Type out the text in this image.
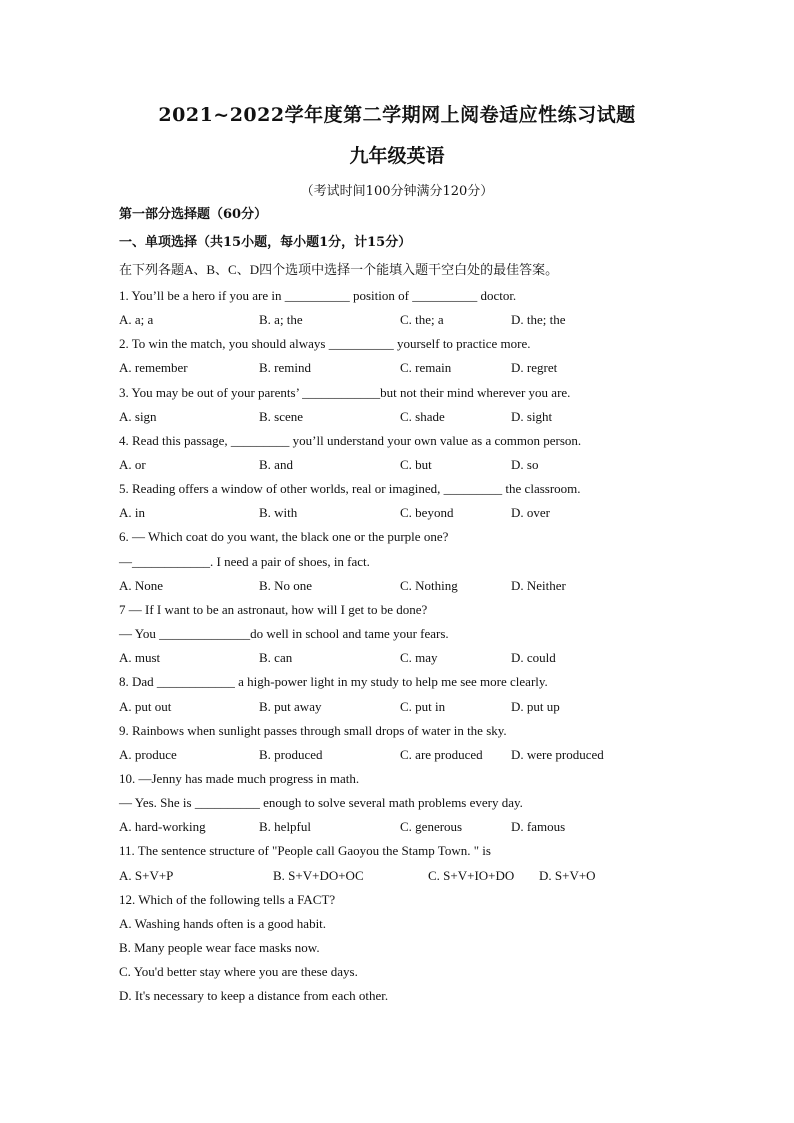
2021~2022学年度第二学期网上阅卷适应性练习试题
九年级英语
（考试时间100分钟满分120分）
第一部分选择题（60分）
一、单项选择（共15小题，每小题1分，计15分）
在下列各题A、B、C、D四个选项中选择一个能填入题干空白处的最佳答案。
1. You’ll be a hero if you are in __________ position of __________ doctor.
A. a; a	B. a; the	C. the; a	D. the; the
2. To win the match, you should always __________ yourself to practice more.
A. remember	B. remind	C. remain	D. regret
3. You may be out of your parents’ ____________but not their mind wherever you are.
A. sign	B. scene	C. shade	D. sight
4. Read this passage, _________ you’ll understand your own value as a common person.
A. or	B. and	C. but	D. so
5. Reading offers a window of other worlds, real or imagined, _________ the classroom.
A. in	B. with	C. beyond	D. over
6. — Which coat do you want, the black one or the purple one?
—____________. I need a pair of shoes, in fact.
A. None	B. No one	C. Nothing	D. Neither
7 — If I want to be an astronaut, how will I get to be done?
— You ______________do well in school and tame your fears.
A. must	B. can	C. may	D. could
8. Dad ____________ a high-power light in my study to help me see more clearly.
A. put out	B. put away	C. put in	D. put up
9. Rainbows when sunlight passes through small drops of water in the sky.
A. produce	B. produced	C. are produced D. were produced
10. —Jenny has made much progress in math.
— Yes. She is __________ enough to solve several math problems every day.
A. hard-working	B. helpful	C. generous	D. famous
11. The sentence structure of "People call Gaoyou the Stamp Town. " is
A. S+V+P	B. S+V+DO+OC	C. S+V+IO+DO D. S+V+O
12. Which of the following tells a FACT?
A. Washing hands often is a good habit.
B. Many people wear face masks now.
C. You'd better stay where you are these days.
D. It's necessary to keep a distance from each other.
